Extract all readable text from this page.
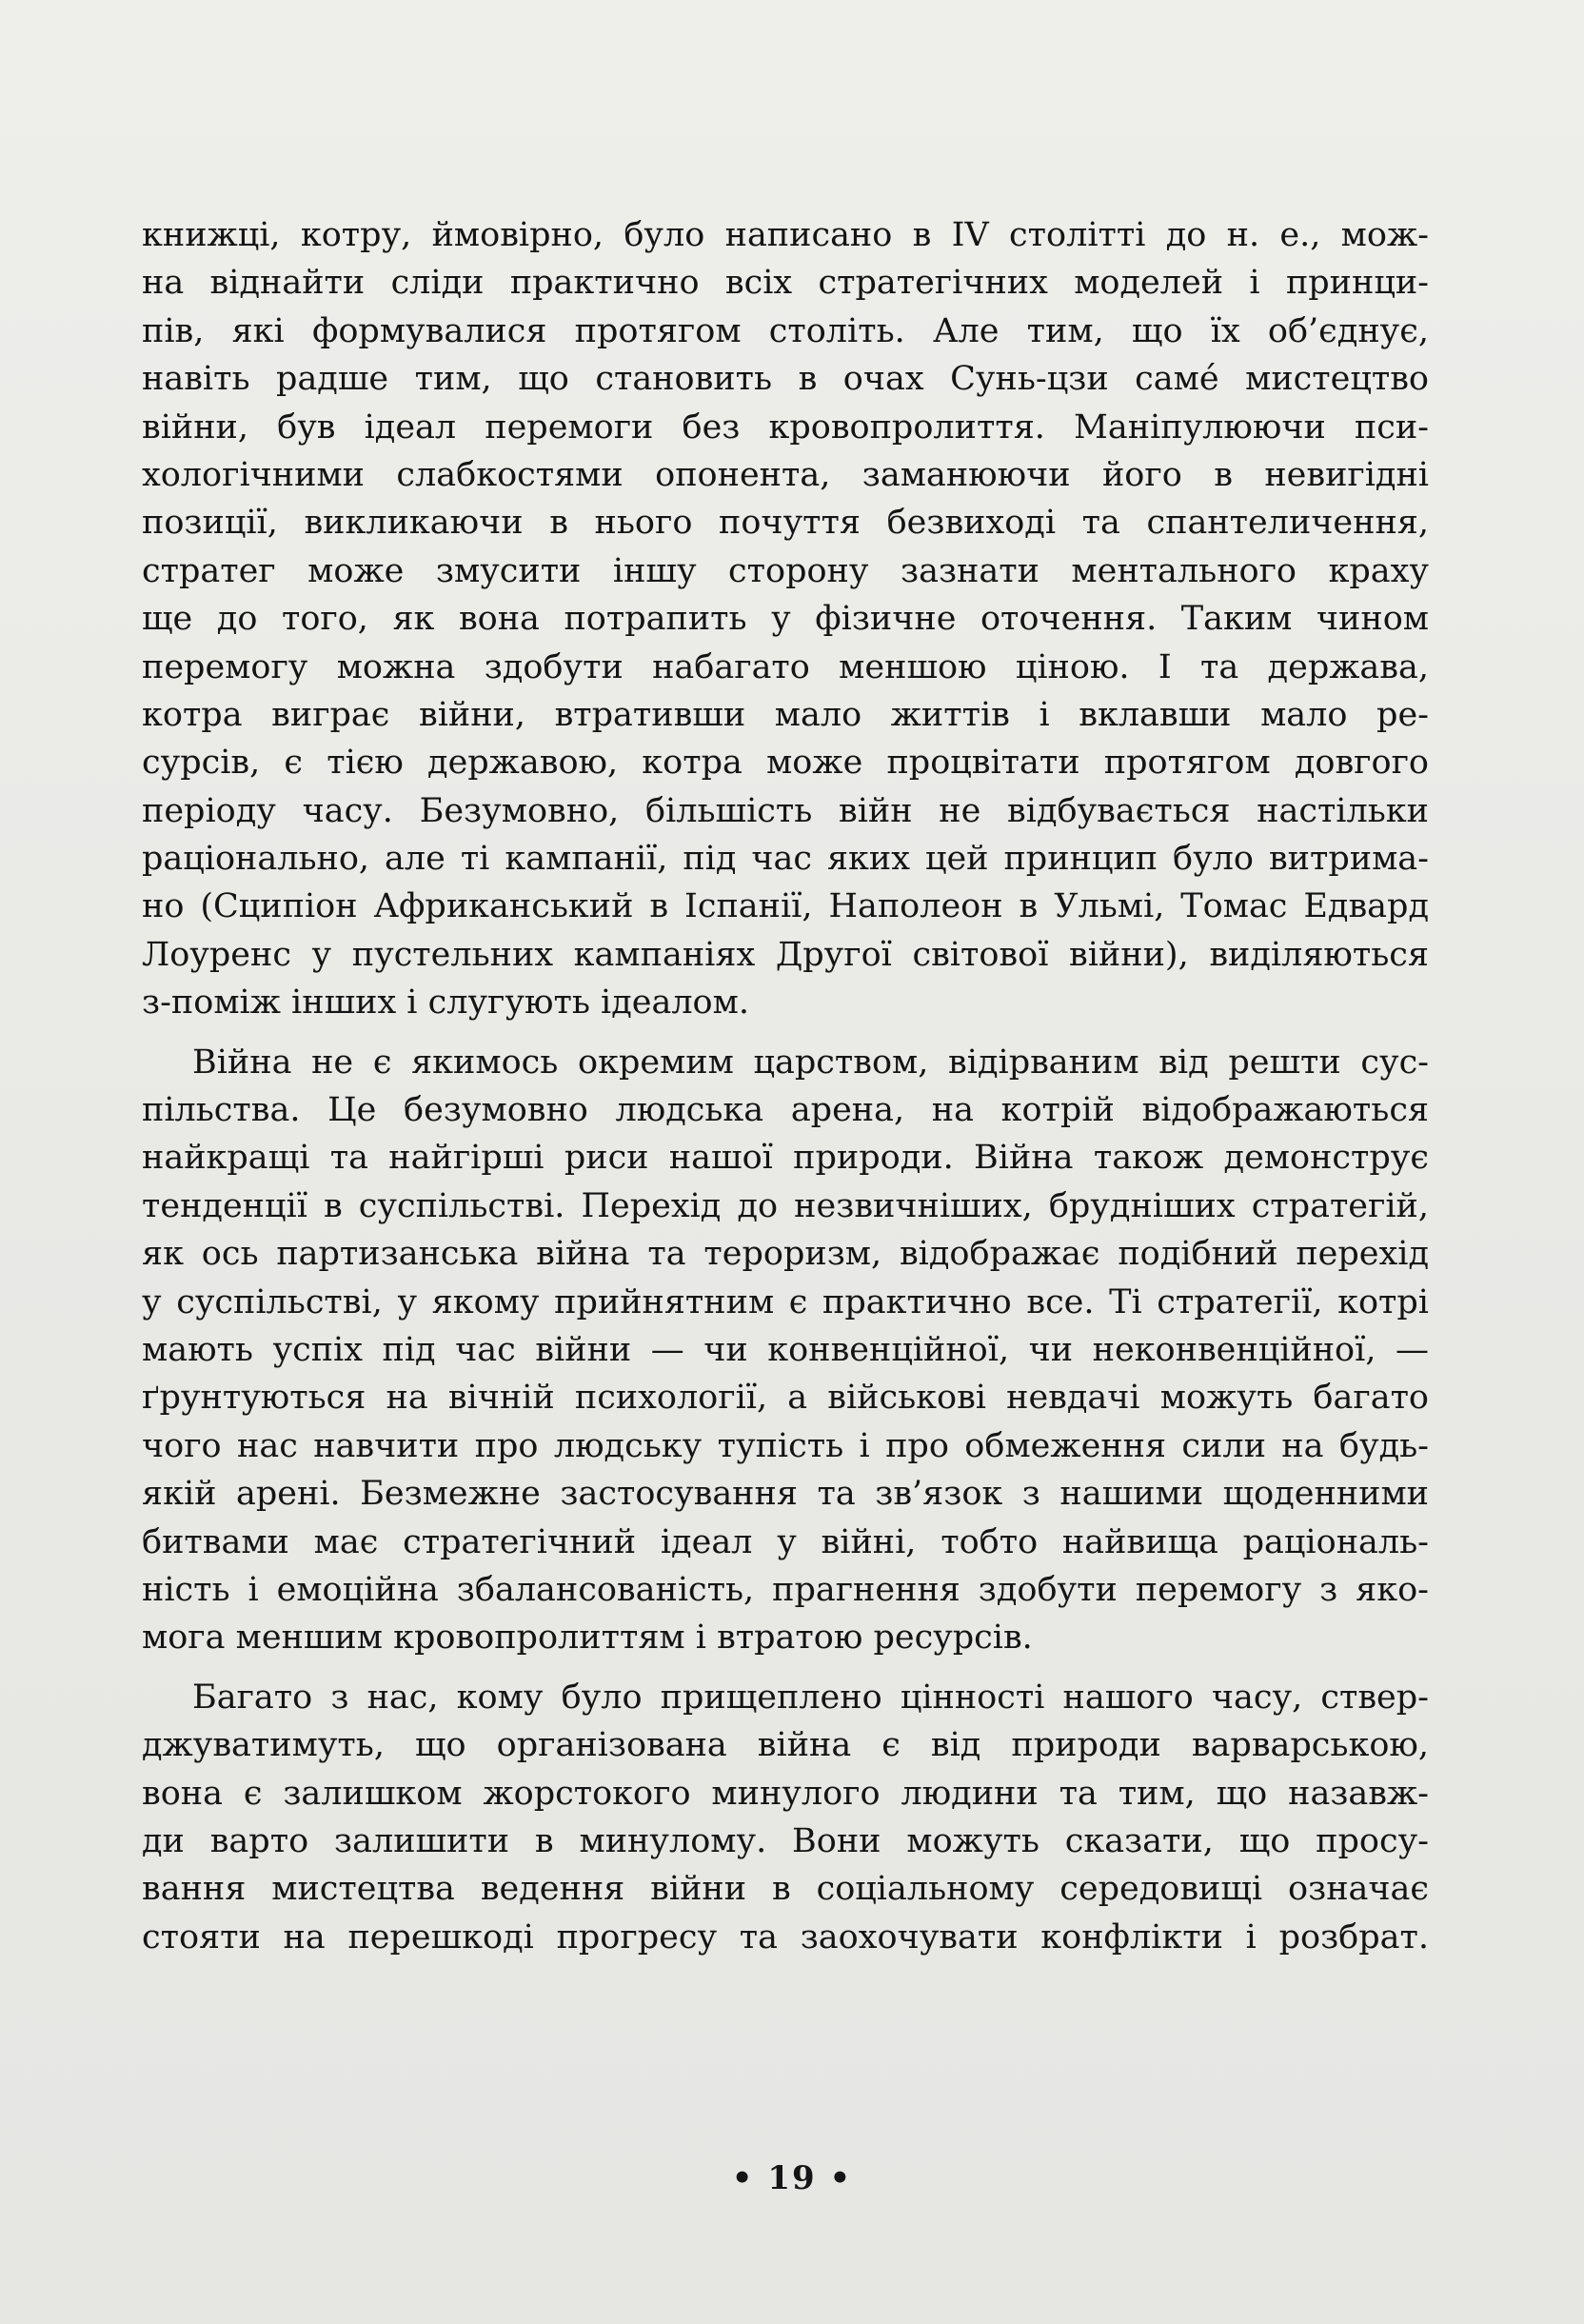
книжці, котру, ймовірно, було написано в IV столітті до н. е., мож-
на віднайти сліди практично всіх стратегічних моделей і принци-
пів, які формувалися протягом століть. Але тим, що їх об’єднує,
навіть радше тим, що становить в очах Сунь-цзи саме́ мистецтво
війни, був ідеал перемоги без кровопролиття. Маніпулюючи пси-
хологічними слабкостями опонента, заманюючи його в невигідні
позиції, викликаючи в нього почуття безвиході та спантеличення,
стратег може змусити іншу сторону зазнати ментального краху
ще до того, як вона потрапить у фізичне оточення. Таким чином
перемогу можна здобути набагато меншою ціною. І та держава,
котра виграє війни, втративши мало життів і вклавши мало ре-
сурсів, є тією державою, котра може процвітати протягом довгого
періоду часу. Безумовно, більшість війн не відбувається настільки
раціонально, але ті кампанії, під час яких цей принцип було витрима-
но (Сципіон Африканський в Іспанії, Наполеон в Ульмі, Томас Едвард
Лоуренс у пустельних кампаніях Другої світової війни), виділяються
з-поміж інших і слугують ідеалом.

Війна не є якимось окремим царством, відірваним від решти сус-
пільства. Це безумовно людська арена, на котрій відображаються
найкращі та найгірші риси нашої природи. Війна також демонструє
тенденції в суспільстві. Перехід до незвичніших, брудніших стратегій,
як ось партизанська війна та тероризм, відображає подібний перехід
у суспільстві, у якому прийнятним є практично все. Ті стратегії, котрі
мають успіх під час війни — чи конвенційної, чи неконвенційної, —
ґрунтуються на вічній психології, а військові невдачі можуть багато
чого нас навчити про людську тупість і про обмеження сили на будь-
якій арені. Безмежне застосування та зв’язок з нашими щоденними
битвами має стратегічний ідеал у війні, тобто найвища раціональ-
ність і емоційна збалансованість, прагнення здобути перемогу з яко-
мога меншим кровопролиттям і втратою ресурсів.

Багато з нас, кому було прищеплено цінності нашого часу, ствер-
джуватимуть, що організована війна є від природи варварською,
вона є залишком жорстокого минулого людини та тим, що назавж-
ди варто залишити в минулому. Вони можуть сказати, що просу-
вання мистецтва ведення війни в соціальному середовищі означає
стояти на перешкоді прогресу та заохочувати конфлікти і розбрат.

• 19 •
